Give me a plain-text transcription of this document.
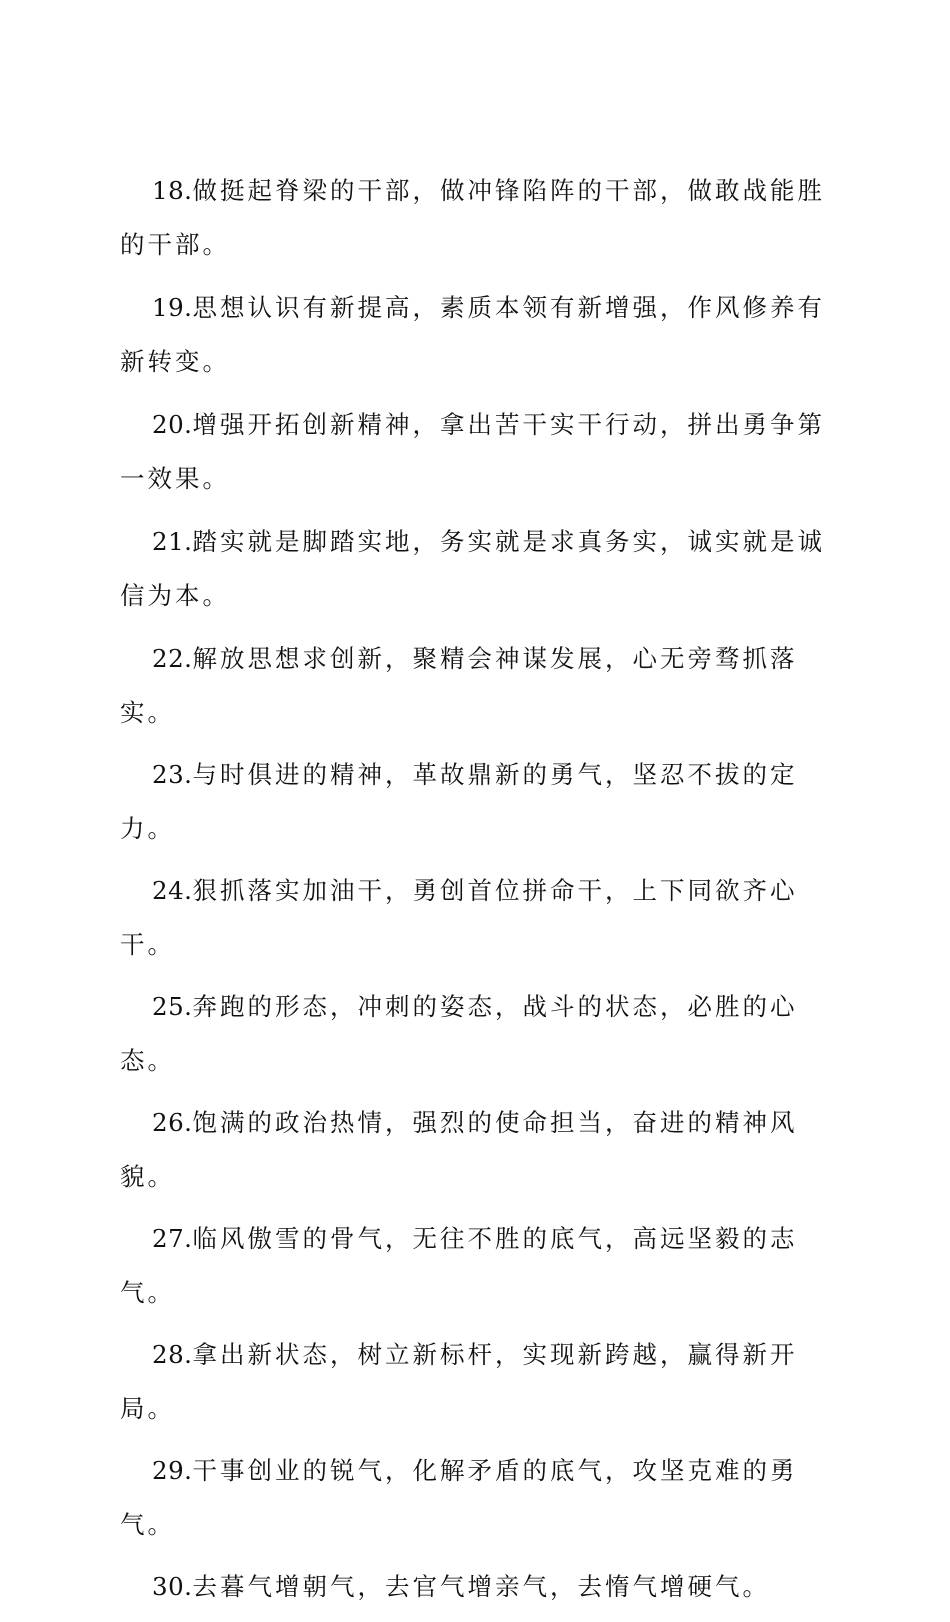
18.做挺起脊梁的干部，做冲锋陷阵的干部，做敢战能胜的干部。

19.思想认识有新提高，素质本领有新增强，作风修养有新转变。

20.增强开拓创新精神，拿出苦干实干行动，拼出勇争第一效果。

21.踏实就是脚踏实地，务实就是求真务实，诚实就是诚信为本。

22.解放思想求创新，聚精会神谋发展，心无旁骛抓落实。

23.与时俱进的精神，革故鼎新的勇气，坚忍不拔的定力。

24.狠抓落实加油干，勇创首位拼命干，上下同欲齐心干。

25.奔跑的形态，冲刺的姿态，战斗的状态，必胜的心态。

26.饱满的政治热情，强烈的使命担当，奋进的精神风貌。

27.临风傲雪的骨气，无往不胜的底气，高远坚毅的志气。

28.拿出新状态，树立新标杆，实现新跨越，赢得新开局。

29.干事创业的锐气，化解矛盾的底气，攻坚克难的勇气。

30.去暮气增朝气，去官气增亲气，去惰气增硬气。
